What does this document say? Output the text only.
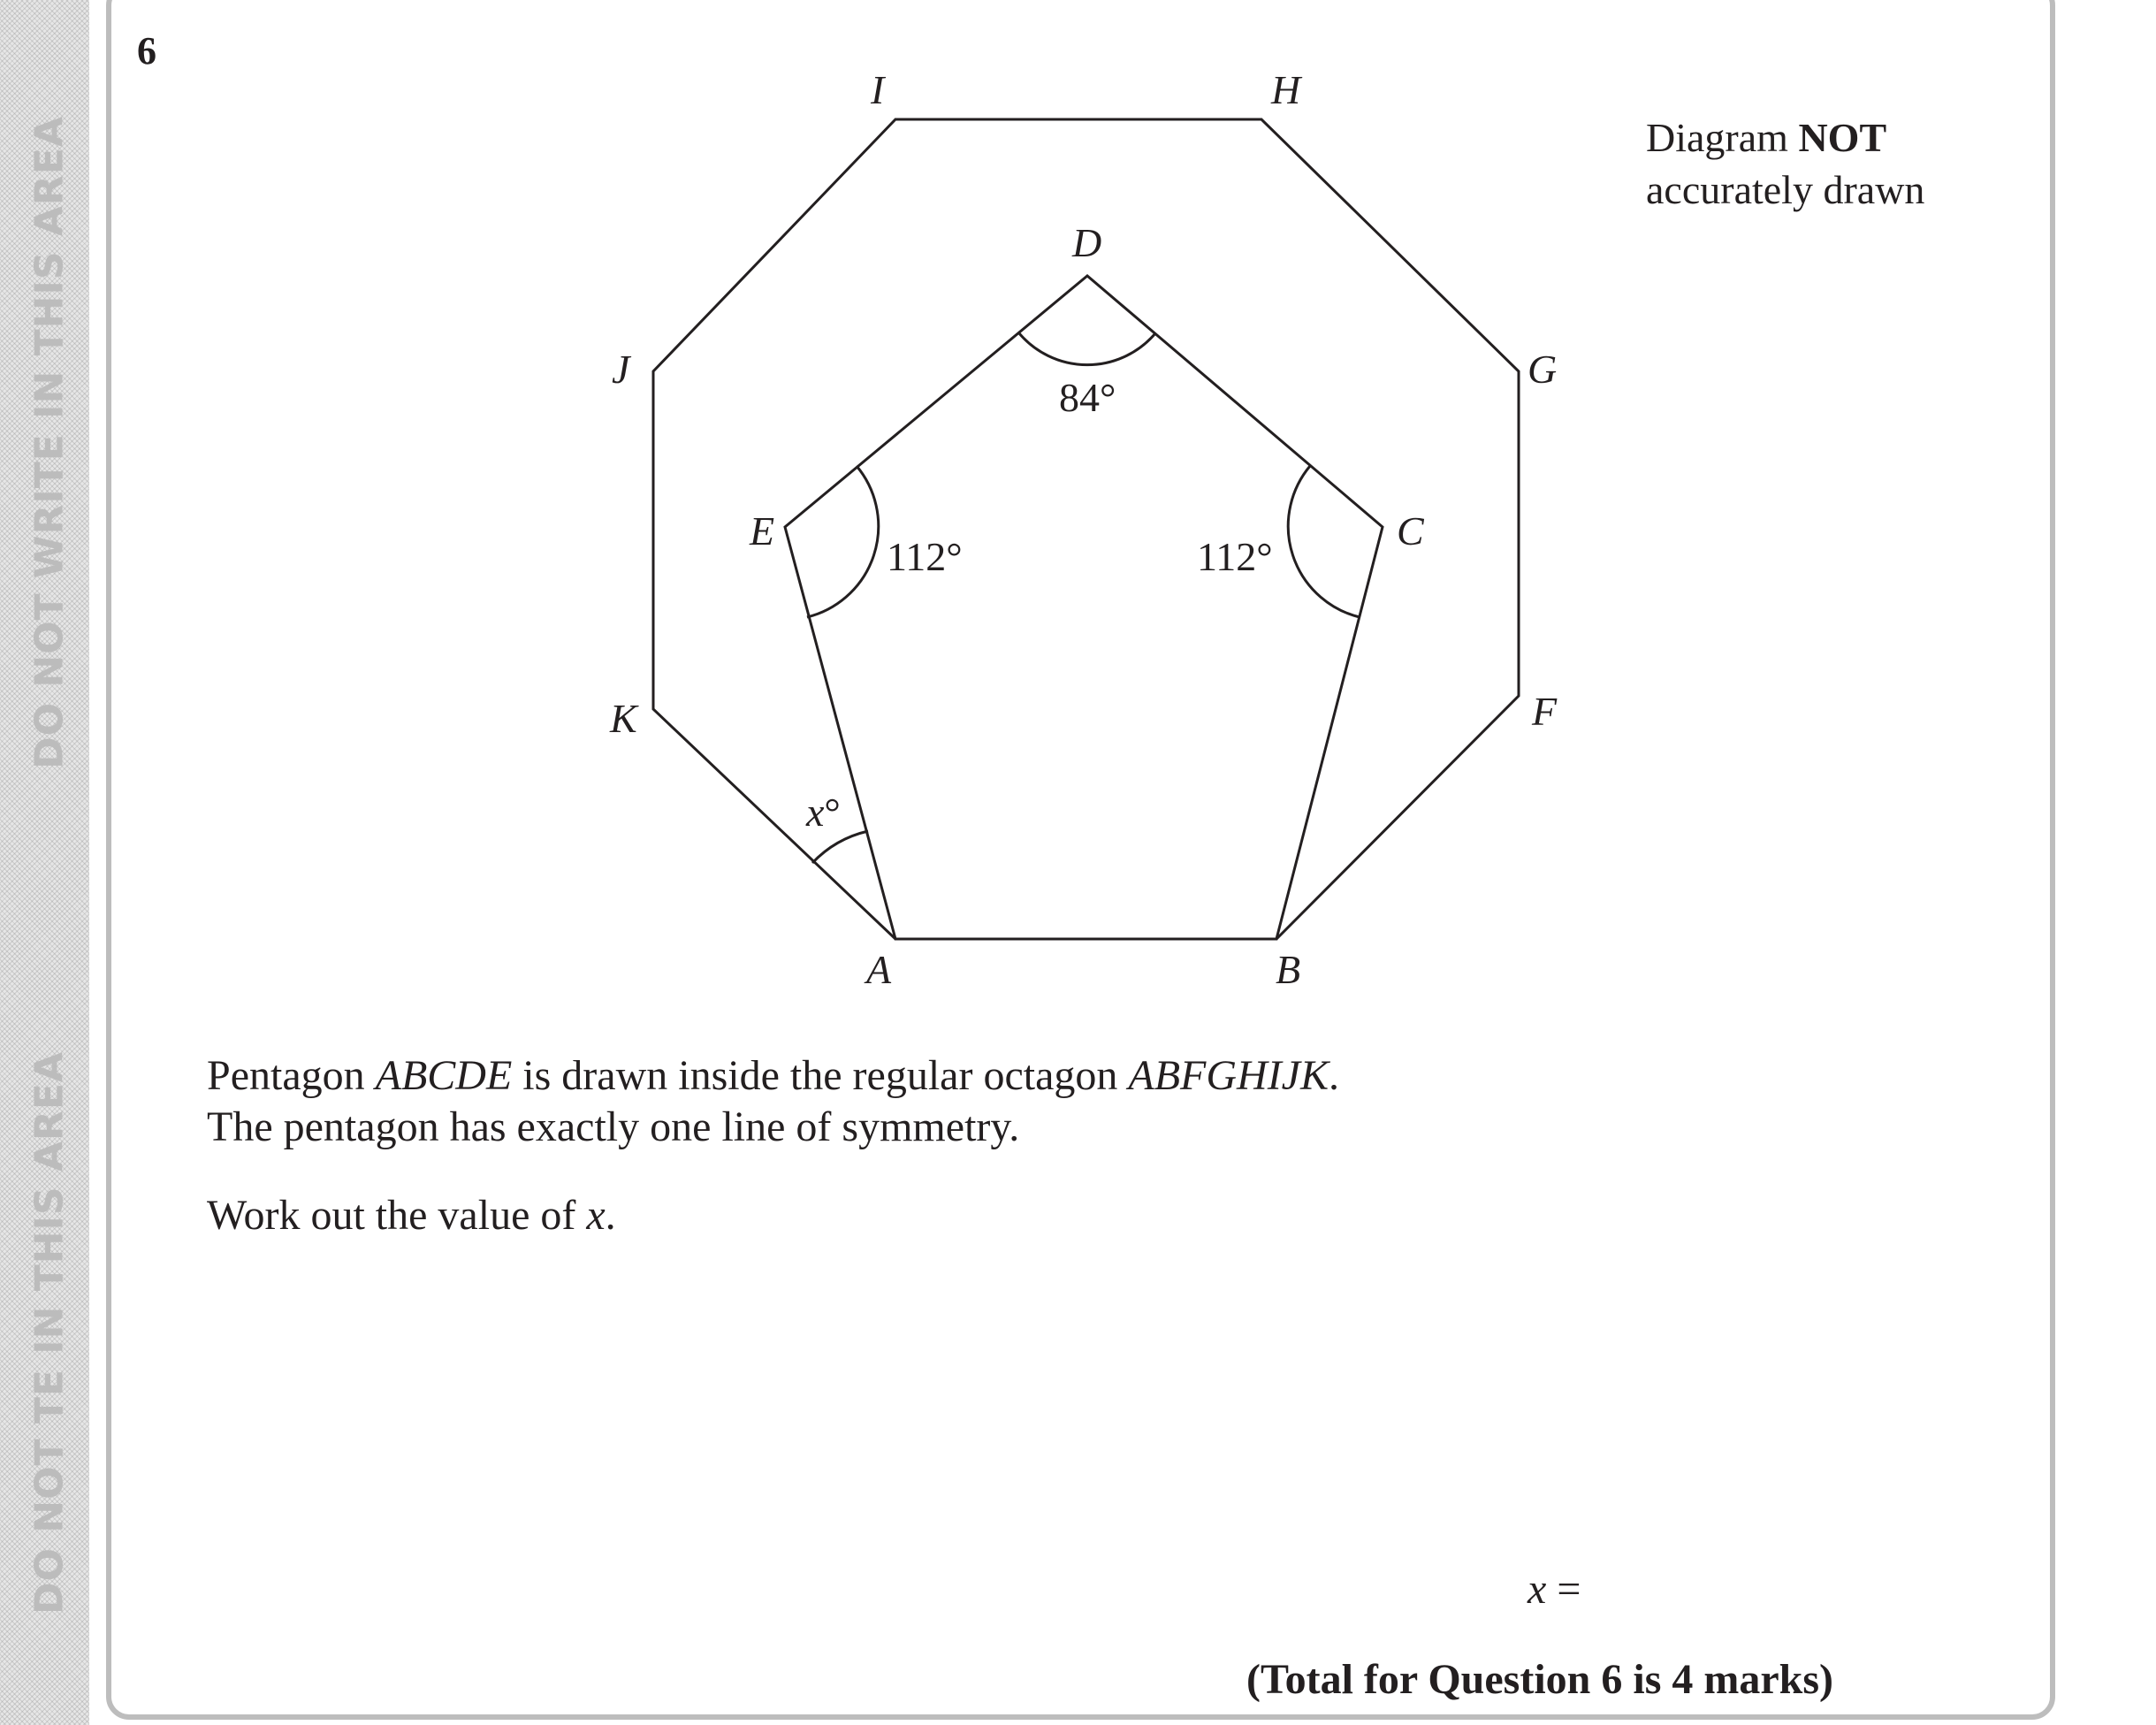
DO NOT WRITE IN THIS AREA
DO NOT TE IN THIS AREA
6
Diagram NOT
accurately drawn
A	B
C
D
E
F
G
H
I
J
K
84°
112°	112°
x°
Pentagon ABCDE is drawn inside the regular octagon ABFGHIJK.
The pentagon has exactly one line of symmetry.
Work out the value of x.
x =
(Total for Question 6 is 4 marks)
